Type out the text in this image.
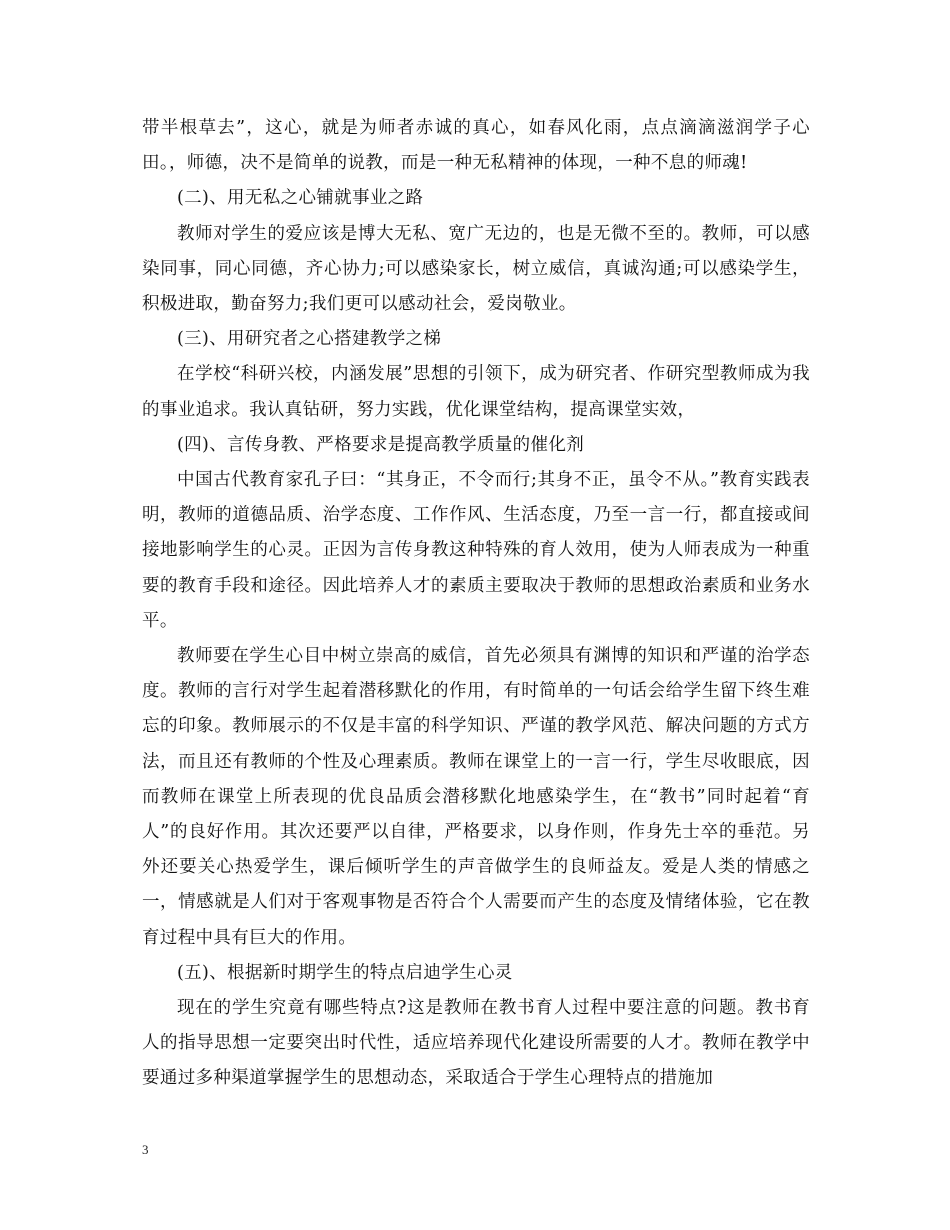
带半根草去”，这心，就是为师者赤诚的真心，如春风化雨，点点滴滴滋润学子心田。，师德，决不是简单的说教，而是一种无私精神的体现，一种不息的师魂!

(二)、用无私之心铺就事业之路

教师对学生的爱应该是博大无私、宽广无边的，也是无微不至的。教师，可以感染同事，同心同德，齐心协力;可以感染家长，树立威信，真诚沟通;可以感染学生，积极进取，勤奋努力;我们更可以感动社会，爱岗敬业。

(三)、用研究者之心搭建教学之梯

在学校“科研兴校，内涵发展”思想的引领下，成为研究者、作研究型教师成为我的事业追求。我认真钻研，努力实践，优化课堂结构，提高课堂实效，

(四)、言传身教、严格要求是提高教学质量的催化剂

中国古代教育家孔子曰：“其身正，不令而行;其身不正，虽令不从。”教育实践表明，教师的道德品质、治学态度、工作作风、生活态度，乃至一言一行，都直接或间接地影响学生的心灵。正因为言传身教这种特殊的育人效用，使为人师表成为一种重要的教育手段和途径。因此培养人才的素质主要取决于教师的思想政治素质和业务水平。

教师要在学生心目中树立崇高的威信，首先必须具有渊博的知识和严谨的治学态度。教师的言行对学生起着潜移默化的作用，有时简单的一句话会给学生留下终生难忘的印象。教师展示的不仅是丰富的科学知识、严谨的教学风范、解决问题的方式方法，而且还有教师的个性及心理素质。教师在课堂上的一言一行，学生尽收眼底，因而教师在课堂上所表现的优良品质会潜移默化地感染学生，在“教书”同时起着“育人”的良好作用。其次还要严以自律，严格要求，以身作则，作身先士卒的垂范。另外还要关心热爱学生，课后倾听学生的声音做学生的良师益友。爱是人类的情感之一，情感就是人们对于客观事物是否符合个人需要而产生的态度及情绪体验，它在教育过程中具有巨大的作用。

(五)、根据新时期学生的特点启迪学生心灵

现在的学生究竟有哪些特点?这是教师在教书育人过程中要注意的问题。教书育人的指导思想一定要突出时代性，适应培养现代化建设所需要的人才。教师在教学中要通过多种渠道掌握学生的思想动态，采取适合于学生心理特点的措施加

3
